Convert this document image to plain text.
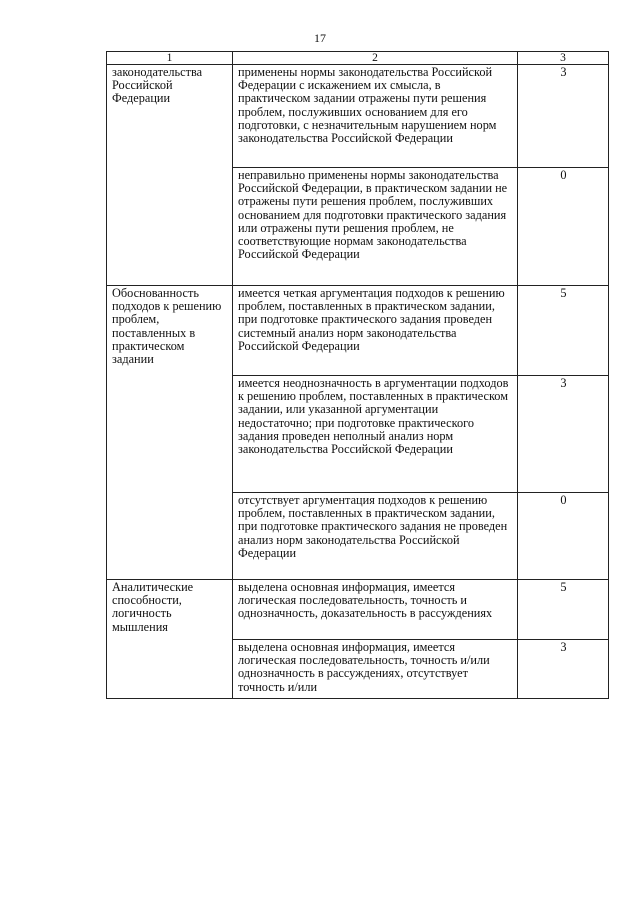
17
1	2	3
законодательства Российской Федерации	применены нормы законодательства Российской Федерации с искажением их смысла, в практическом задании отражены пути решения проблем, послуживших основанием для его подготовки, с незначительным нарушением норм законодательства Российской Федерации	3
	неправильно применены нормы законодательства Российской Федерации, в практическом задании не отражены пути решения проблем, послуживших основанием для подготовки практического задания или отражены пути решения проблем, не соответствующие нормам законодательства Российской Федерации	0
Обоснованность подходов к решению проблем, поставленных в практическом задании	имеется четкая аргументация подходов к решению проблем, поставленных в практическом задании, при подготовке практического задания проведен системный анализ норм законодательства Российской Федерации	5
	имеется неоднозначность в аргументации подходов к решению проблем, поставленных в практическом задании, или указанной аргументации недостаточно; при подготовке практического задания проведен неполный анализ норм законодательства Российской Федерации	3
	отсутствует аргументация подходов к решению проблем, поставленных в практическом задании, при подготовке практического задания не проведен анализ норм законодательства Российской Федерации	0
Аналитические способности, логичность мышления	выделена основная информация, имеется логическая последовательность, точность и однозначность, доказательность в рассуждениях	5
	выделена основная информация, имеется логическая последовательность, точность и/или однозначность в рассуждениях, отсутствует точность и/или	3
